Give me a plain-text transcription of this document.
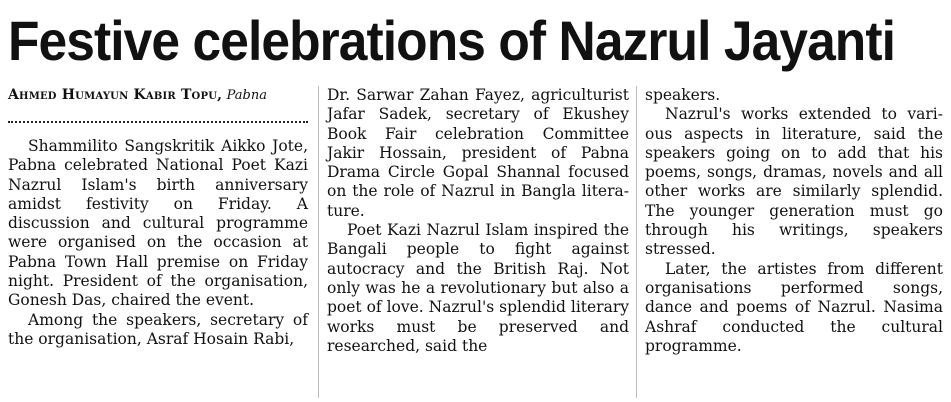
Festive celebrations of Nazrul Jayanti
Ahmed Humayun Kabir Topu, Pabna

Shammilito Sangskritik Aikko Jote, Pabna celebrated National Poet Kazi Nazrul Islam's birth anniversary amidst festivity on Friday. A discussion and cultural programme were organised on the occasion at Pabna Town Hall premise on Friday night. President of the organisation, Gonesh Das, chaired the event.

Among the speakers, secretary of the organisation, Asraf Hosain Rabi,

Dr. Sarwar Zahan Fayez, agriculturist Jafar Sadek, secretary of Ekushey Book Fair celebration Committee Jakir Hossain, president of Pabna Drama Circle Gopal Shannal focused on the role of Nazrul in Bangla literature.

Poet Kazi Nazrul Islam inspired the Bangali people to fight against autocracy and the British Raj. Not only was he a revolutionary but also a poet of love. Nazrul's splendid literary works must be preserved and researched, said the

speakers.

Nazrul's works extended to various aspects in literature, said the speakers going on to add that his poems, songs, dramas, novels and all other works are similarly splendid. The younger generation must go through his writings, speakers stressed.

Later, the artistes from different organisations performed songs, dance and poems of Nazrul. Nasima Ashraf conducted the cultural programme.
